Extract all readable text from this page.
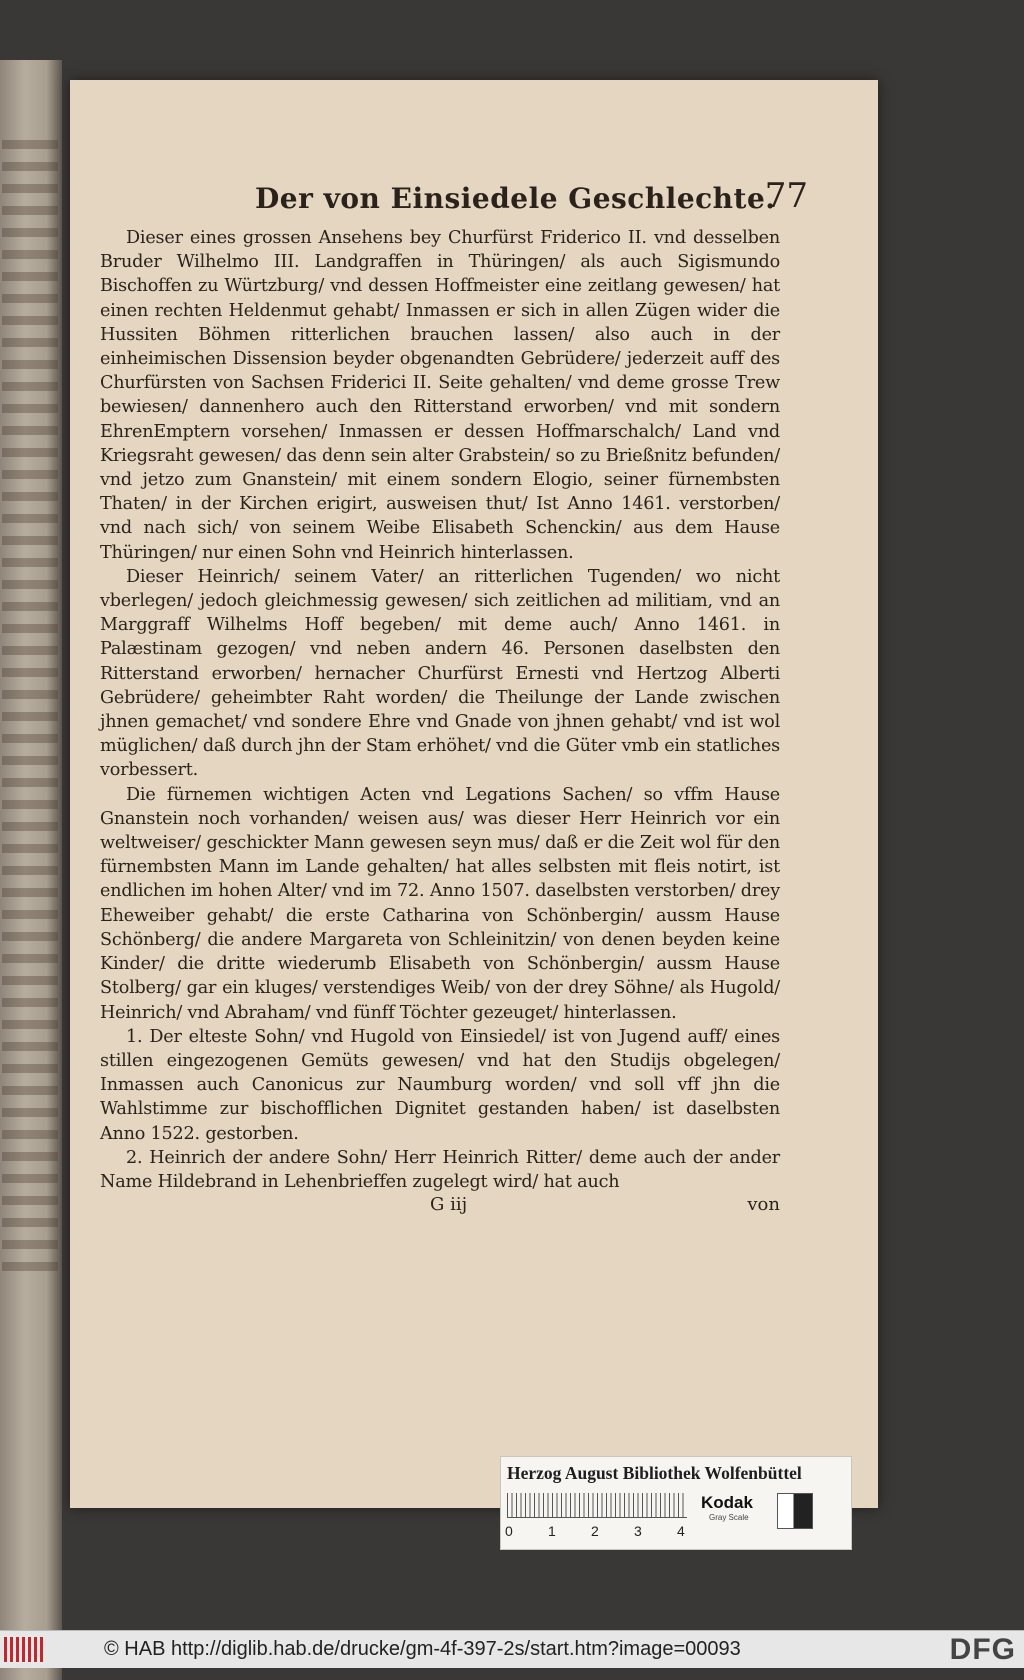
Der von Einsiedele Geschlechte.
77

Dieser eines grossen Ansehens bey Churfürst Friderico II. vnd desselben Bruder Wilhelmo III. Landgraffen in Thüringen/ als auch Sigismundo Bischoffen zu Würtzburg/ vnd dessen Hoffmeister eine zeitlang gewesen/ hat einen rechten Heldenmut gehabt/ Inmassen er sich in allen Zügen wider die Hussiten Böhmen ritterlichen brauchen lassen/ also auch in der einheimischen Dissension beyder obgenandten Gebrüdere/ jederzeit auff des Churfürsten von Sachsen Friderici II. Seite gehalten/ vnd deme grosse Trew bewiesen/ dannenhero auch den Ritterstand erworben/ vnd mit sondern EhrenEmptern vorsehen/ Inmassen er dessen Hoffmarschalch/ Land vnd Kriegsraht gewesen/ das denn sein alter Grabstein/ so zu Brießnitz befunden/ vnd jetzo zum Gnanstein/ mit einem sondern Elogio, seiner fürnembsten Thaten/ in der Kirchen erigirt, ausweisen thut/ Ist Anno 1461. verstorben/ vnd nach sich/ von seinem Weibe Elisabeth Schenckin/ aus dem Hause Thüringen/ nur einen Sohn vnd Heinrich hinterlassen.

Dieser Heinrich/ seinem Vater/ an ritterlichen Tugenden/ wo nicht vberlegen/ jedoch gleichmessig gewesen/ sich zeitlichen ad militiam, vnd an Marggraff Wilhelms Hoff begeben/ mit deme auch/ Anno 1461. in Palæstinam gezogen/ vnd neben andern 46. Personen daselbsten den Ritterstand erworben/ hernacher Churfürst Ernesti vnd Hertzog Alberti Gebrüdere/ geheimbter Raht worden/ die Theilunge der Lande zwischen jhnen gemachet/ vnd sondere Ehre vnd Gnade von jhnen gehabt/ vnd ist wol müglichen/ daß durch jhn der Stam erhöhet/ vnd die Güter vmb ein statliches vorbessert.

Die fürnemen wichtigen Acten vnd Legations Sachen/ so vffm Hause Gnanstein noch vorhanden/ weisen aus/ was dieser Herr Heinrich vor ein weltweiser/ geschickter Mann gewesen seyn mus/ daß er die Zeit wol für den fürnembsten Mann im Lande gehalten/ hat alles selbsten mit fleis notirt, ist endlichen im hohen Alter/ vnd im 72. Anno 1507. daselbsten verstorben/ drey Eheweiber gehabt/ die erste Catharina von Schönbergin/ aussm Hause Schönberg/ die andere Margareta von Schleinitzin/ von denen beyden keine Kinder/ die dritte wiederumb Elisabeth von Schönbergin/ aussm Hause Stolberg/ gar ein kluges/ verstendiges Weib/ von der drey Söhne/ als Hugold/ Heinrich/ vnd Abraham/ vnd fünff Töchter gezeuget/ hinterlassen.

1. Der elteste Sohn/ vnd Hugold von Einsiedel/ ist von Jugend auff/ eines stillen eingezogenen Gemüts gewesen/ vnd hat den Studijs obgelegen/ Inmassen auch Canonicus zur Naumburg worden/ vnd soll vff jhn die Wahlstimme zur bischofflichen Dignitet gestanden haben/ ist daselbsten Anno 1522. gestorben.

2. Heinrich der andere Sohn/ Herr Heinrich Ritter/ deme auch der ander Name Hildebrand in Lehenbrieffen zugelegt wird/ hat auch

G iij	von
Herzog August Bibliothek Wolfenbüttel
0	1	2	3	4
Kodak
Gray Scale
© HAB http://diglib.hab.de/drucke/gm-4f-397-2s/start.htm?image=00093	DFG
